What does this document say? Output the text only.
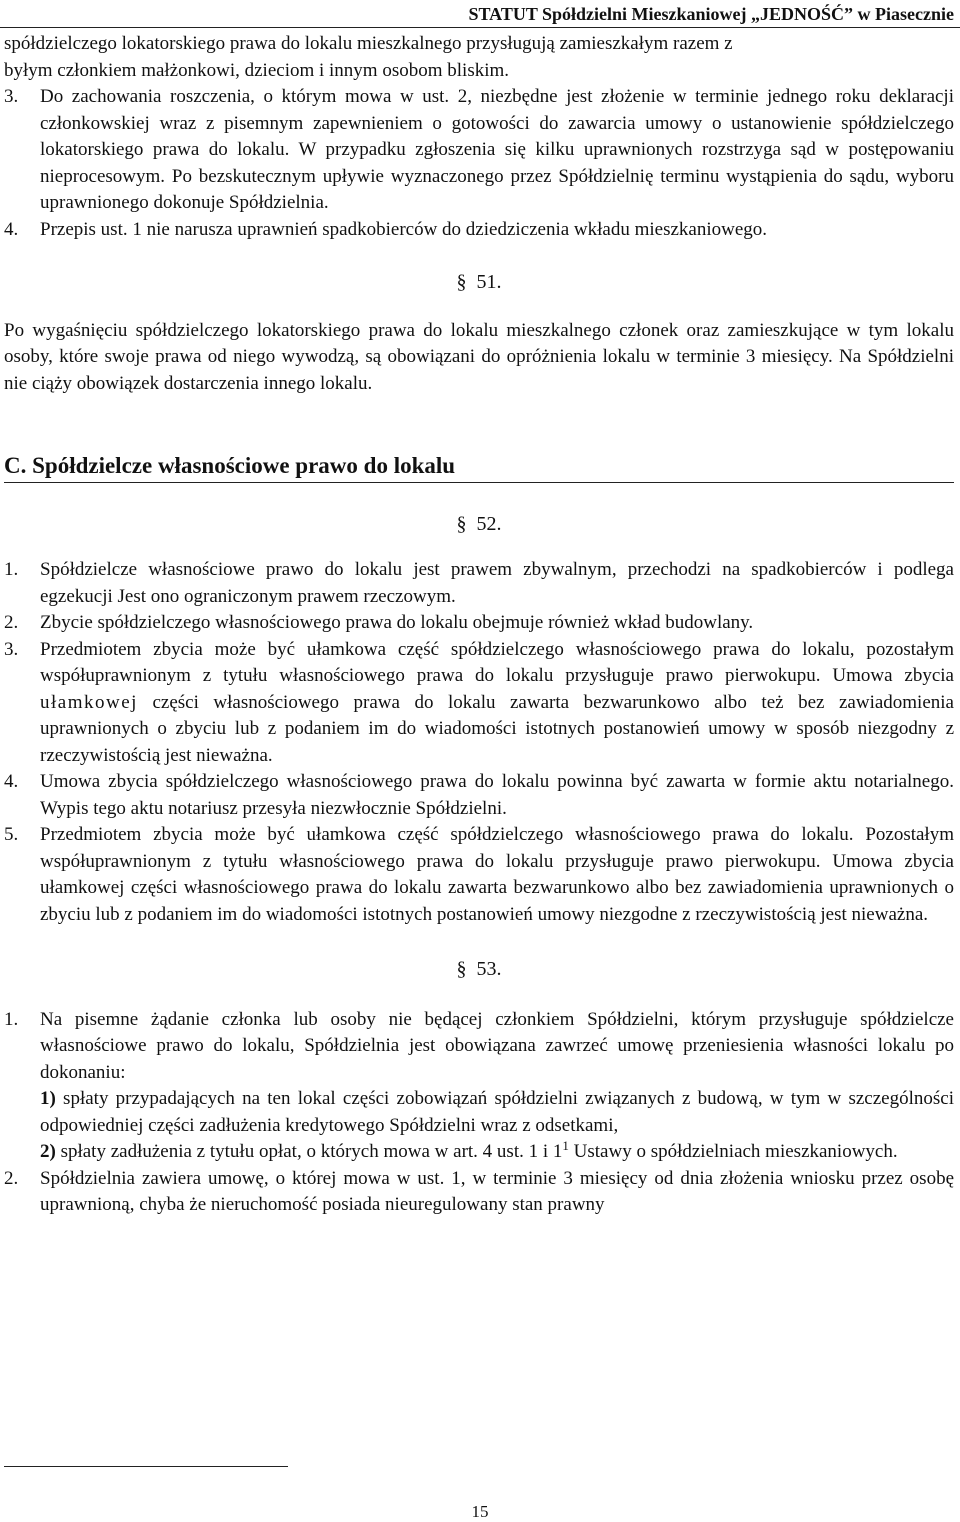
STATUT Spółdzielni Mieszkaniowej „JEDNOŚĆ” w Piasecznie
spółdzielczego lokatorskiego prawa do lokalu mieszkalnego przysługują zamieszkałym razem z
byłym członkiem małżonkowi, dzieciom i innym osobom bliskim.
3. Do zachowania roszczenia, o którym mowa w ust. 2, niezbędne jest złożenie w terminie jednego roku deklaracji członkowskiej wraz z pisemnym zapewnieniem o gotowości do zawarcia umowy o ustanowienie spółdzielczego lokatorskiego prawa do lokalu. W przypadku zgłoszenia się kilku uprawnionych rozstrzyga sąd w postępowaniu nieprocesowym. Po bezskutecznym upływie wyznaczonego przez Spółdzielnię terminu wystąpienia do sądu, wyboru uprawnionego dokonuje Spółdzielnia.
4. Przepis ust. 1 nie narusza uprawnień spadkobierców do dziedziczenia wkładu mieszkaniowego.
§ 51.
Po wygaśnięciu spółdzielczego lokatorskiego prawa do lokalu mieszkalnego członek oraz zamieszkujące w tym lokalu osoby, które swoje prawa od niego wywodzą, są obowiązani do opróżnienia lokalu w terminie 3 miesięcy. Na Spółdzielni nie ciąży obowiązek dostarczenia innego lokalu.
C. Spółdzielcze własnościowe prawo do lokalu
§ 52.
1. Spółdzielcze własnościowe prawo do lokalu jest prawem zbywalnym, przechodzi na spadkobierców i podlega egzekucji Jest ono ograniczonym prawem rzeczowym.
2. Zbycie spółdzielczego własnościowego prawa do lokalu obejmuje również wkład budowlany.
3. Przedmiotem zbycia może być ułamkowa część spółdzielczego własnościowego prawa do lokalu, pozostałym współuprawnionym z tytułu własnościowego prawa do lokalu przysługuje prawo pierwokupu. Umowa zbycia ułamkowej części własnościowego prawa do lokalu zawarta bezwarunkowo albo też bez zawiadomienia uprawnionych o zbyciu lub z podaniem im do wiadomości istotnych postanowień umowy w sposób niezgodny z rzeczywistością jest nieważna.
4. Umowa zbycia spółdzielczego własnościowego prawa do lokalu powinna być zawarta w formie aktu notarialnego. Wypis tego aktu notariusz przesyła niezwłocznie Spółdzielni.
5. Przedmiotem zbycia może być ułamkowa część spółdzielczego własnościowego prawa do lokalu. Pozostałym współuprawnionym z tytułu własnościowego prawa do lokalu przysługuje prawo pierwokupu. Umowa zbycia ułamkowej części własnościowego prawa do lokalu zawarta bezwarunkowo albo bez zawiadomienia uprawnionych o zbyciu lub z podaniem im do wiadomości istotnych postanowień umowy niezgodne z rzeczywistością jest nieważna.
§ 53.
1. Na pisemne żądanie członka lub osoby nie będącej członkiem Spółdzielni, którym przysługuje spółdzielcze własnościowe prawo do lokalu, Spółdzielnia jest obowiązana zawrzeć umowę przeniesienia własności lokalu po dokonaniu:
1) spłaty przypadających na ten lokal części zobowiązań spółdzielni związanych z budową, w tym w szczególności odpowiedniej części zadłużenia kredytowego Spółdzielni wraz z odsetkami,
2) spłaty zadłużenia z tytułu opłat, o których mowa w art. 4 ust. 1 i $1^1$ Ustawy o spółdzielniach mieszkaniowych.
2. Spółdzielnia zawiera umowę, o której mowa w ust. 1, w terminie 3 miesięcy od dnia złożenia wniosku przez osobę uprawnioną, chyba że nieruchomość posiada nieuregulowany stan prawny
15
